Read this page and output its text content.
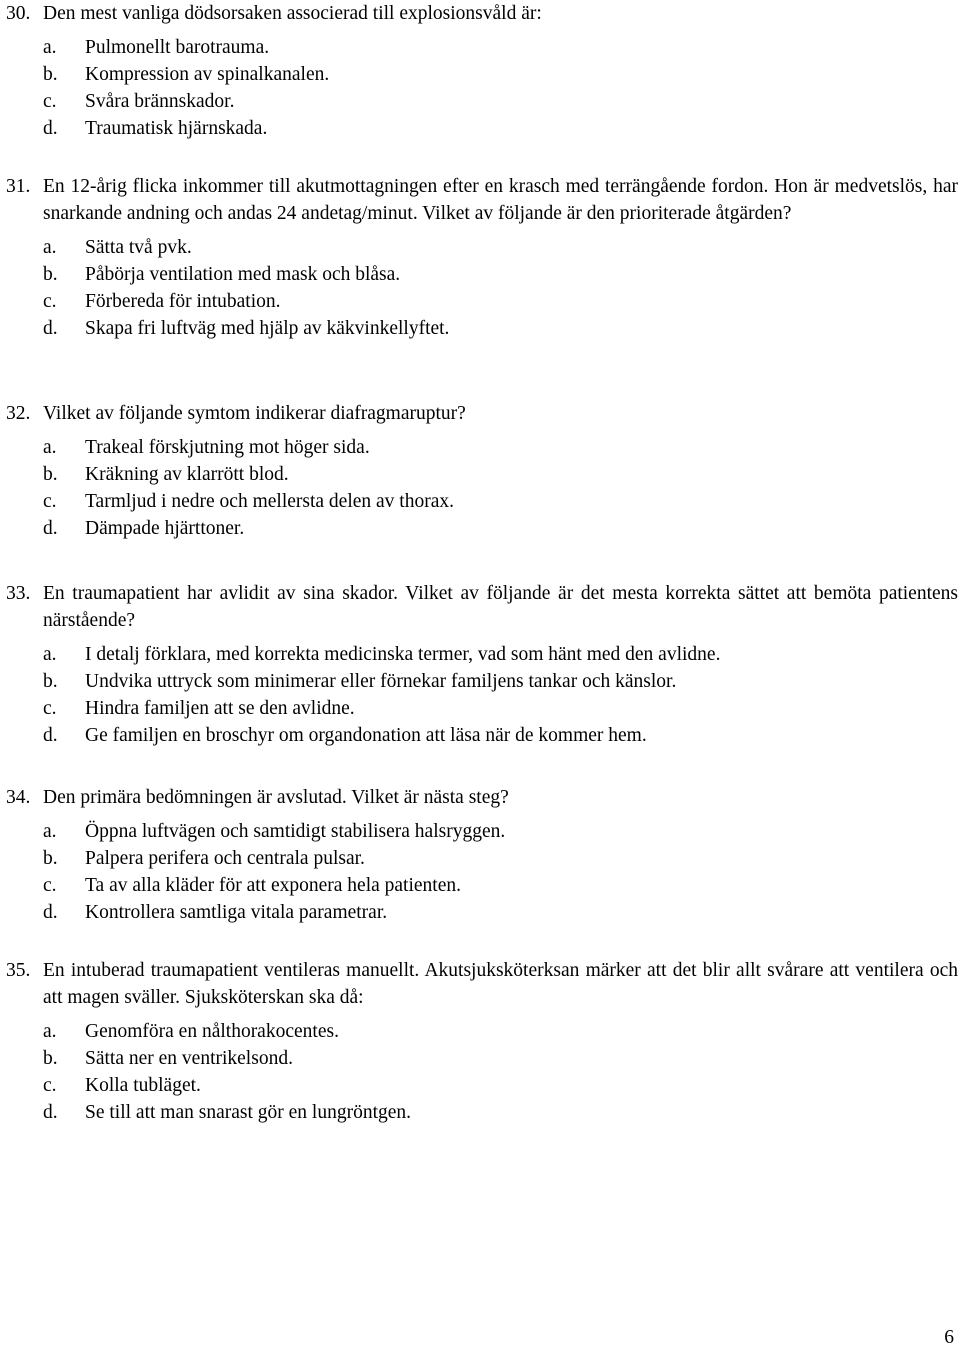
30. Den mest vanliga dödsorsaken associerad till explosionsvåld är:
a. Pulmonellt barotrauma.
b. Kompression av spinalkanalen.
c. Svåra brännskador.
d. Traumatisk hjärnskada.
31. En 12-årig flicka inkommer till akutmottagningen efter en krasch med terrängående fordon. Hon är medvetslös, har snarkande andning och andas 24 andetag/minut. Vilket av följande är den prioriterade åtgärden?
a. Sätta två pvk.
b. Påbörja ventilation med mask och blåsa.
c. Förbereda för intubation.
d. Skapa fri luftväg med hjälp av käkvinkellyftet.
32. Vilket av följande symtom indikerar diafragmaruptur?
a. Trakeal förskjutning mot höger sida.
b. Kräkning av klarrött blod.
c. Tarmljud i nedre och mellersta delen av thorax.
d. Dämpade hjärttoner.
33. En traumapatient har avlidit av sina skador. Vilket av följande är det mesta korrekta sättet att bemöta patientens närstående?
a. I detalj förklara, med korrekta medicinska termer, vad som hänt med den avlidne.
b. Undvika uttryck som minimerar eller förnekar familjens tankar och känslor.
c. Hindra familjen att se den avlidne.
d. Ge familjen en broschyr om organdonation att läsa när de kommer hem.
34. Den primära bedömningen är avslutad. Vilket är nästa steg?
a. Öppna luftvägen och samtidigt stabilisera halsryggen.
b. Palpera perifera och centrala pulsar.
c. Ta av alla kläder för att exponera hela patienten.
d. Kontrollera samtliga vitala parametrar.
35. En intuberad traumapatient ventileras manuellt. Akutsjuksköterksan märker att det blir allt svårare att ventilera och att magen sväller. Sjuksköterskan ska då:
a. Genomföra en nålthorakocentes.
b. Sätta ner en ventrikelsond.
c. Kolla tubläget.
d. Se till att man snarast gör en lungröntgen.
6
